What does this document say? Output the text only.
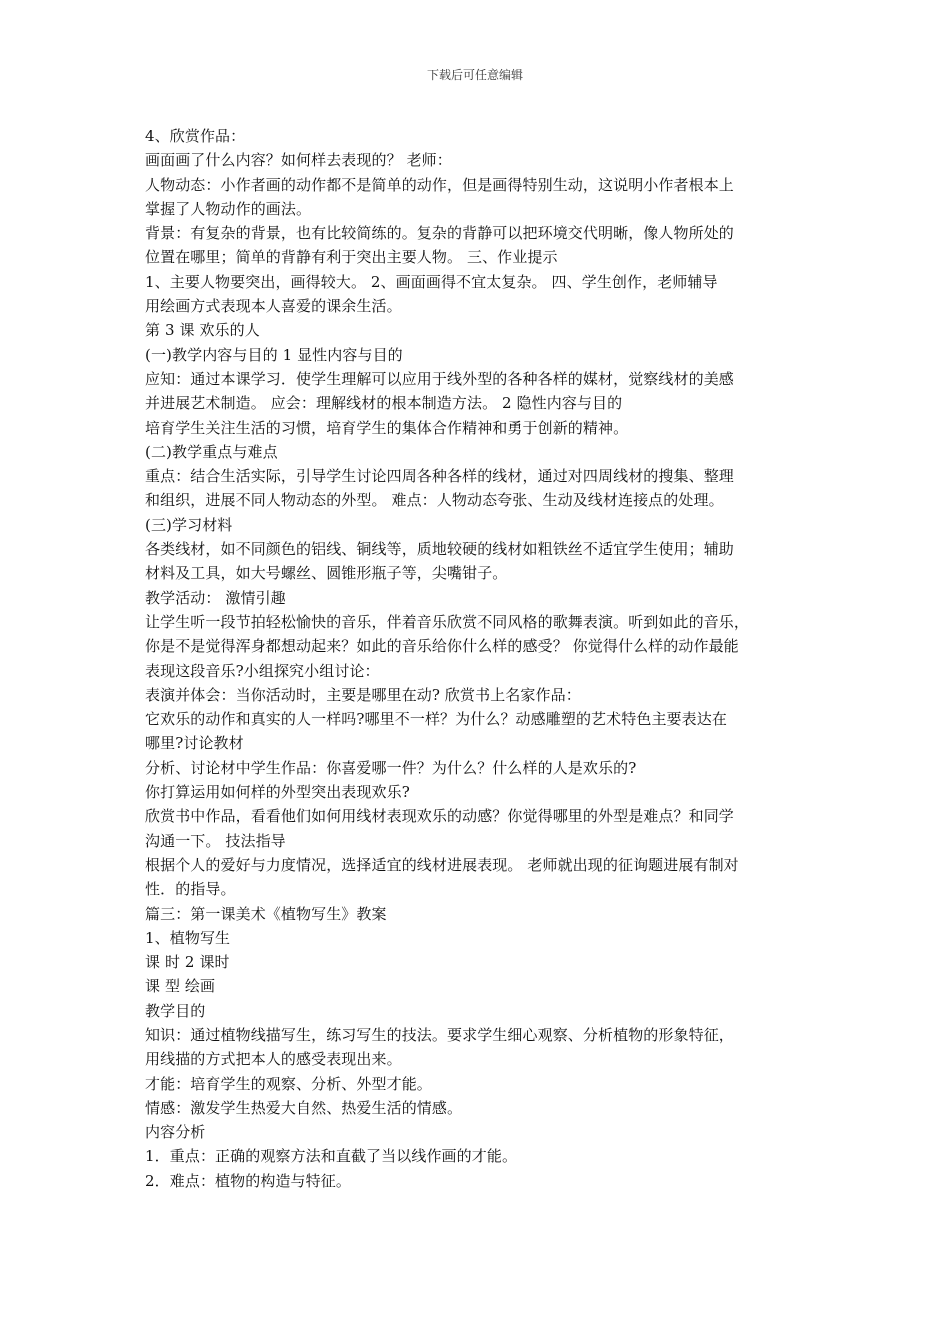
下载后可任意编辑
4、欣赏作品：
画面画了什么内容？如何样去表现的？ 老师：
人物动态：小作者画的动作都不是简单的动作，但是画得特别生动，这说明小作者根本上
掌握了人物动作的画法。
背景：有复杂的背景，也有比较简练的。复杂的背静可以把环境交代明晰，像人物所处的
位置在哪里；简单的背静有利于突出主要人物。 三、作业提示
1、主要人物要突出，画得较大。 2、画面画得不宜太复杂。 四、学生创作，老师辅导
用绘画方式表现本人喜爱的课余生活。
第 3 课 欢乐的人
(一)教学内容与目的 1 显性内容与目的
应知：通过本课学习．使学生理解可以应用于线外型的各种各样的媒材，觉察线材的美感
并进展艺术制造。 应会：理解线材的根本制造方法。 2 隐性内容与目的
培育学生关注生活的习惯，培育学生的集体合作精神和勇于创新的精神。
(二)教学重点与难点
重点：结合生活实际，引导学生讨论四周各种各样的线材，通过对四周线材的搜集、整理
和组织，进展不同人物动态的外型。 难点：人物动态夸张、生动及线材连接点的处理。
(三)学习材料
各类线材，如不同颜色的铝线、铜线等，质地较硬的线材如粗铁丝不适宜学生使用；辅助
材料及工具，如大号螺丝、圆锥形瓶子等，尖嘴钳子。
教学活动： 激情引趣
让学生听一段节拍轻松愉快的音乐，伴着音乐欣赏不同风格的歌舞表演。听到如此的音乐，
你是不是觉得浑身都想动起来？如此的音乐给你什么样的感受？ 你觉得什么样的动作最能
表现这段音乐?小组探究小组讨论：
表演并体会：当你活动时，主要是哪里在动? 欣赏书上名家作品：
它欢乐的动作和真实的人一样吗?哪里不一样？为什么？动感雕塑的艺术特色主要表达在
哪里?讨论教材
分析、讨论材中学生作品：你喜爱哪一件？为什么？什么样的人是欢乐的?
你打算运用如何样的外型突出表现欢乐?
欣赏书中作品，看看他们如何用线材表现欢乐的动感？你觉得哪里的外型是难点？和同学
沟通一下。 技法指导
根据个人的爱好与力度情况，选择适宜的线材进展表现。 老师就出现的征询题进展有制对
性．的指导。
篇三：第一课美术《植物写生》教案
1、植物写生
课 时 2 课时
课 型 绘画
教学目的
知识：通过植物线描写生，练习写生的技法。要求学生细心观察、分析植物的形象特征，
用线描的方式把本人的感受表现出来。
才能：培育学生的观察、分析、外型才能。
情感：激发学生热爱大自然、热爱生活的情感。
内容分析
1．重点：正确的观察方法和直截了当以线作画的才能。
2．难点：植物的构造与特征。
